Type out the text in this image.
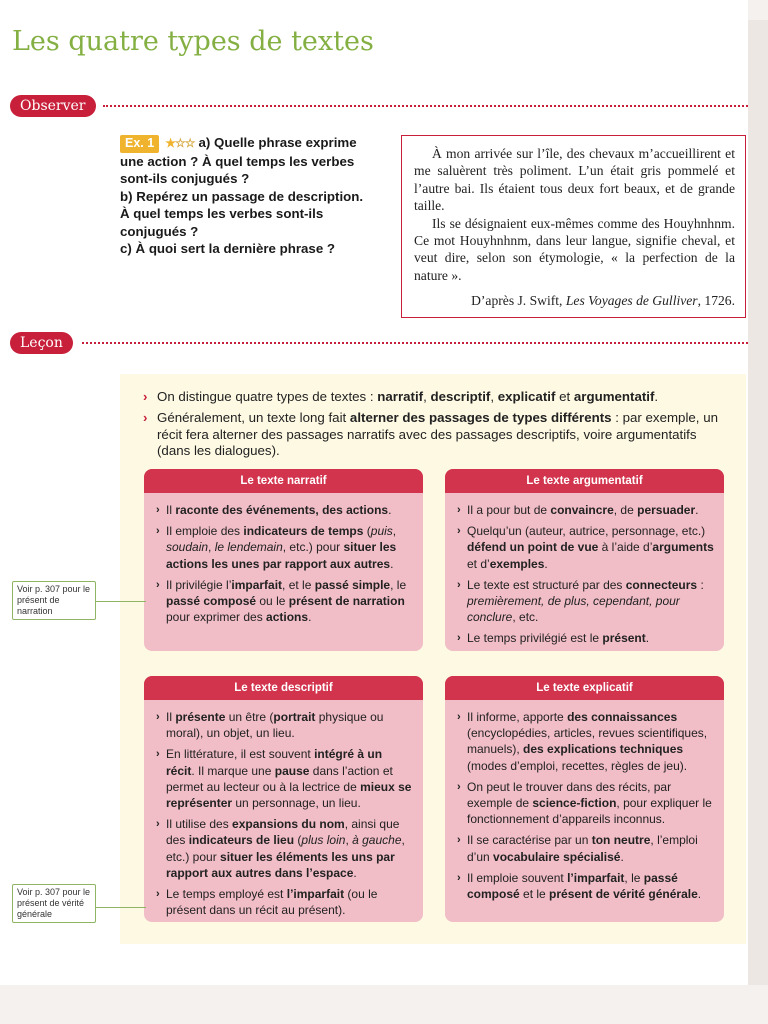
Les quatre types de textes
Observer
Ex. 1 ★☆☆ a) Quelle phrase exprime une action ? À quel temps les verbes sont-ils conjugués ?
b) Repérez un passage de description. À quel temps les verbes sont-ils conjugués ?
c) À quoi sert la dernière phrase ?

À mon arrivée sur l’île, des chevaux m’accueillirent et me saluèrent très poliment. L’un était gris pommelé et l’autre bai. Ils étaient tous deux fort beaux, et de grande taille.

Ils se désignaient eux-mêmes comme des Houyhnhnm. Ce mot Houyhnhnm, dans leur langue, signifie cheval, et veut dire, selon son étymologie, « la perfection de la nature ».

D’après J. Swift, Les Voyages de Gulliver, 1726.

Leçon
› On distingue quatre types de textes : narratif, descriptif, explicatif et argumentatif.
› Généralement, un texte long fait alterner des passages de types différents : par exemple, un récit fera alterner des passages narratifs avec des passages descriptifs, voire argumentatifs (dans les dialogues).
Le texte narratif
› Il raconte des événements, des actions.
› Il emploie des indicateurs de temps (puis, soudain, le lendemain, etc.) pour situer les actions les unes par rapport aux autres.
› Il privilégie l’imparfait, et le passé simple, le passé composé ou le présent de narration pour exprimer des actions.
Le texte argumentatif
› Il a pour but de convaincre, de persuader.
› Quelqu’un (auteur, autrice, personnage, etc.) défend un point de vue à l’aide d’arguments et d’exemples.
› Le texte est structuré par des connecteurs : premièrement, de plus, cependant, pour conclure, etc.
› Le temps privilégié est le présent.
Le texte descriptif
› Il présente un être (portrait physique ou moral), un objet, un lieu.
› En littérature, il est souvent intégré à un récit. Il marque une pause dans l’action et permet au lecteur ou à la lectrice de mieux se représenter un personnage, un lieu.
› Il utilise des expansions du nom, ainsi que des indicateurs de lieu (plus loin, à gauche, etc.) pour situer les éléments les uns par rapport aux autres dans l’espace.
› Le temps employé est l’imparfait (ou le présent dans un récit au présent).
Le texte explicatif
› Il informe, apporte des connaissances (encyclopédies, articles, revues scientifiques, manuels), des explications techniques (modes d’emploi, recettes, règles de jeu).
› On peut le trouver dans des récits, par exemple de science-fiction, pour expliquer le fonctionnement d’appareils inconnus.
› Il se caractérise par un ton neutre, l’emploi d’un vocabulaire spécialisé.
› Il emploie souvent l’imparfait, le passé composé et le présent de vérité générale.
Voir p. 307 pour le présent de narration
Voir p. 307 pour le présent de vérité générale
